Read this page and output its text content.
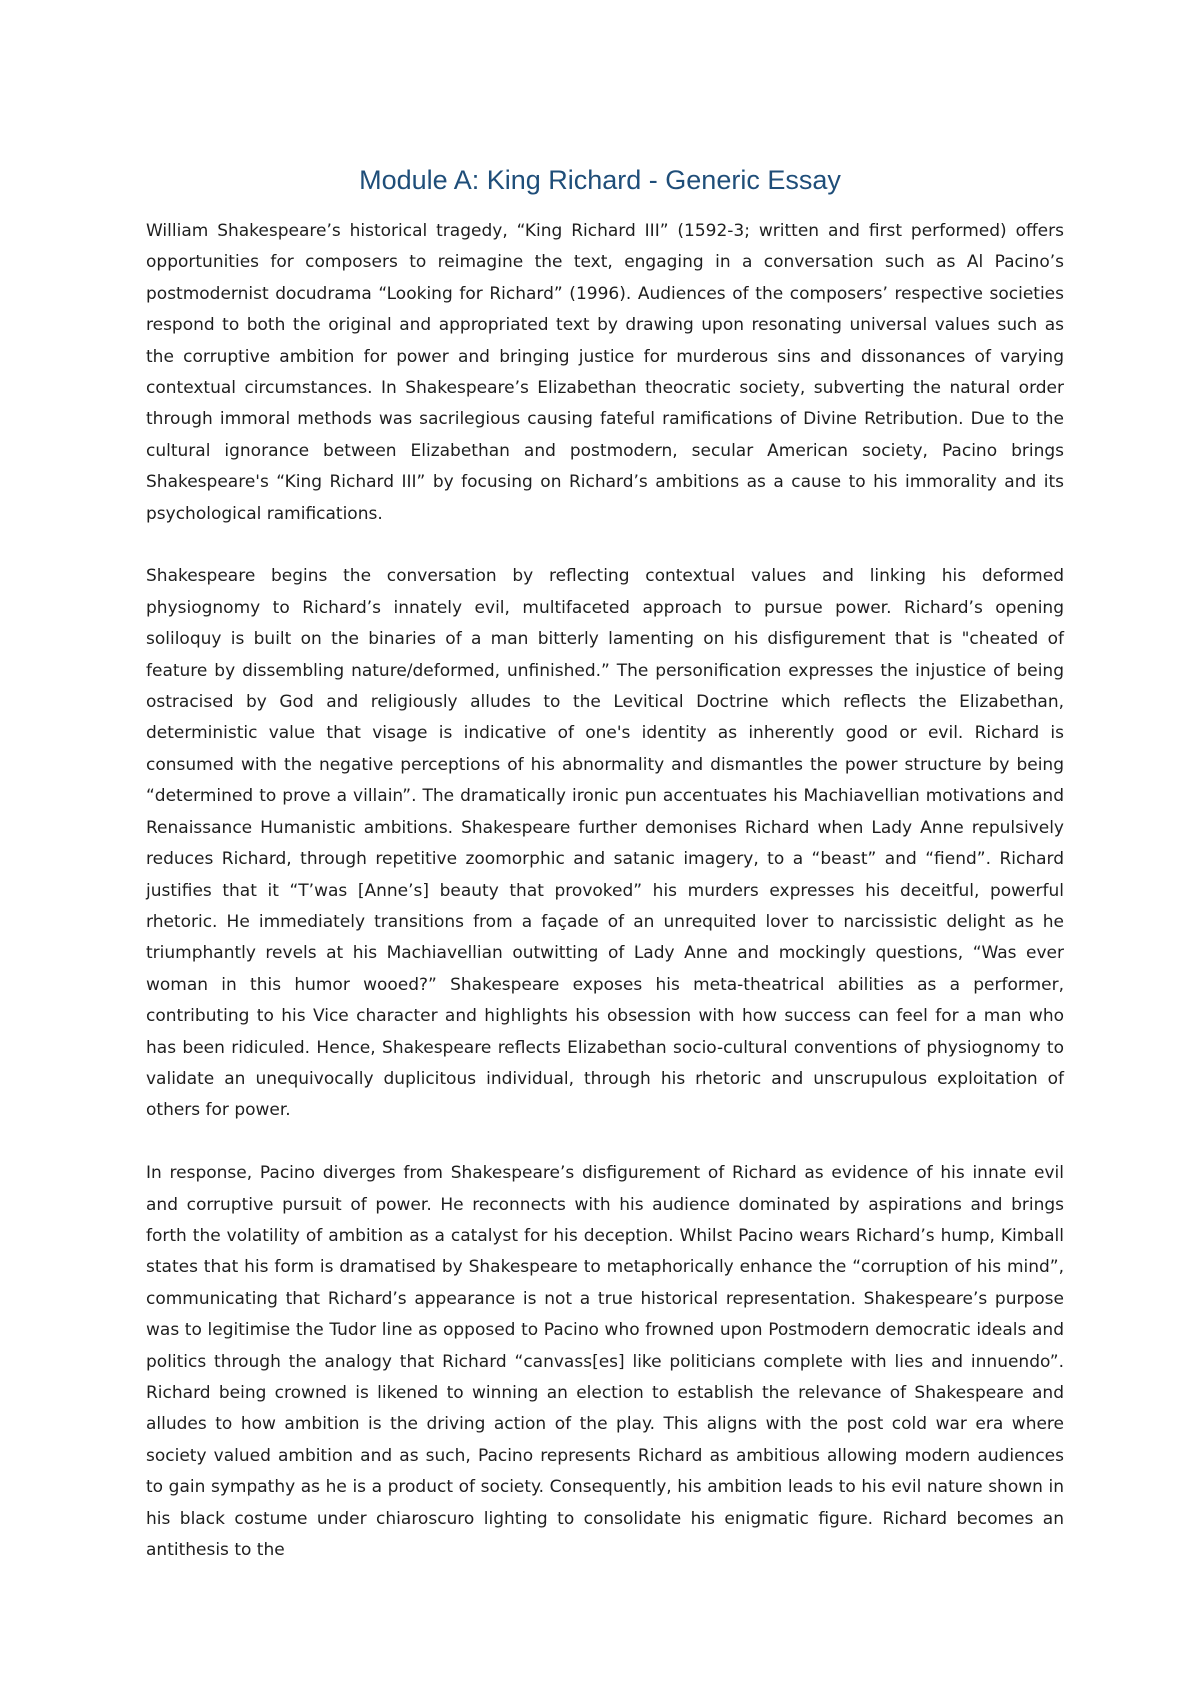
Module A: King Richard - Generic Essay

William Shakespeare’s historical tragedy, “King Richard III” (1592-3; written and first performed) offers opportunities for composers to reimagine the text, engaging in a conversation such as Al Pacino’s postmodernist docudrama “Looking for Richard” (1996). Audiences of the composers’ respective societies respond to both the original and appropriated text by drawing upon resonating universal values such as the corruptive ambition for power and bringing justice for murderous sins and dissonances of varying contextual circumstances. In Shakespeare’s Elizabethan theocratic society, subverting the natural order through immoral methods was sacrilegious causing fateful ramifications of Divine Retribution. Due to the cultural ignorance between Elizabethan and postmodern, secular American society, Pacino brings Shakespeare's “King Richard III” by focusing on Richard’s ambitions as a cause to his immorality and its psychological ramifications.

Shakespeare begins the conversation by reflecting contextual values and linking his deformed physiognomy to Richard’s innately evil, multifaceted approach to pursue power. Richard’s opening soliloquy is built on the binaries of a man bitterly lamenting on his disfigurement that is "cheated of feature by dissembling nature/deformed, unfinished.” The personification expresses the injustice of being ostracised by God and religiously alludes to the Levitical Doctrine which reflects the Elizabethan, deterministic value that visage is indicative of one's identity as inherently good or evil. Richard is consumed with the negative perceptions of his abnormality and dismantles the power structure by being “determined to prove a villain”. The dramatically ironic pun accentuates his Machiavellian motivations and Renaissance Humanistic ambitions. Shakespeare further demonises Richard when Lady Anne repulsively reduces Richard, through repetitive zoomorphic and satanic imagery, to a “beast” and “fiend”. Richard justifies that it “T’was [Anne’s] beauty that provoked” his murders expresses his deceitful, powerful rhetoric. He immediately transitions from a façade of an unrequited lover to narcissistic delight as he triumphantly revels at his Machiavellian outwitting of Lady Anne and mockingly questions, “Was ever woman in this humor wooed?” Shakespeare exposes his meta-theatrical abilities as a performer, contributing to his Vice character and highlights his obsession with how success can feel for a man who has been ridiculed. Hence, Shakespeare reflects Elizabethan socio-cultural conventions of physiognomy to validate an unequivocally duplicitous individual, through his rhetoric and unscrupulous exploitation of others for power.

In response, Pacino diverges from Shakespeare’s disfigurement of Richard as evidence of his innate evil and corruptive pursuit of power. He reconnects with his audience dominated by aspirations and brings forth the volatility of ambition as a catalyst for his deception. Whilst Pacino wears Richard’s hump, Kimball states that his form is dramatised by Shakespeare to metaphorically enhance the “corruption of his mind”, communicating that Richard’s appearance is not a true historical representation. Shakespeare’s purpose was to legitimise the Tudor line as opposed to Pacino who frowned upon Postmodern democratic ideals and politics through the analogy that Richard “canvass[es] like politicians complete with lies and innuendo”. Richard being crowned is likened to winning an election to establish the relevance of Shakespeare and alludes to how ambition is the driving action of the play. This aligns with the post cold war era where society valued ambition and as such, Pacino represents Richard as ambitious allowing modern audiences to gain sympathy as he is a product of society. Consequently, his ambition leads to his evil nature shown in his black costume under chiaroscuro lighting to consolidate his enigmatic figure. Richard becomes an antithesis to the
